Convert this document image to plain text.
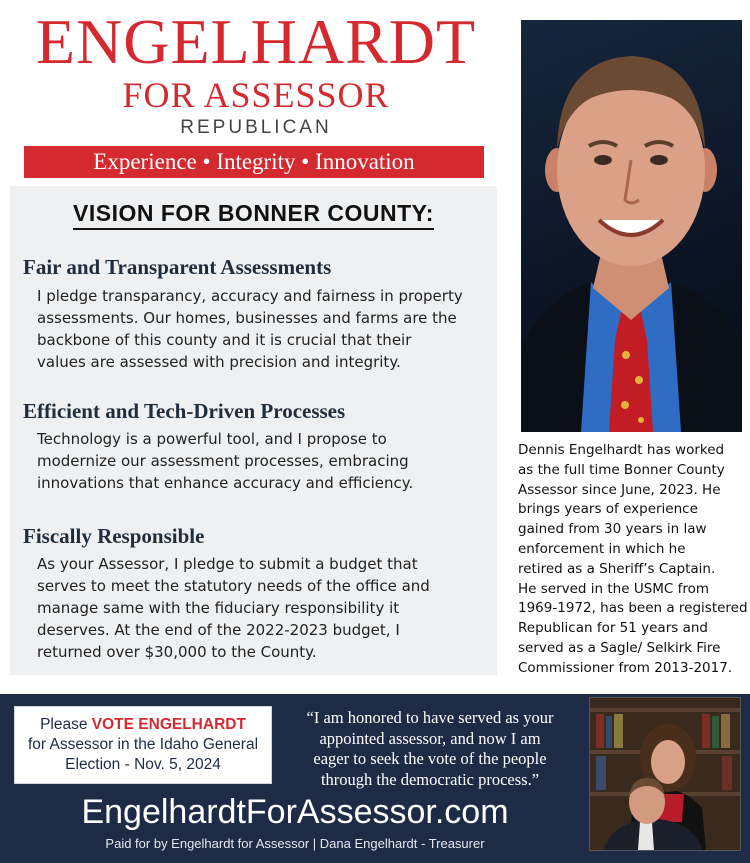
ENGELHARDT
FOR ASSESSOR
REPUBLICAN
Experience • Integrity • Innovation
VISION FOR BONNER COUNTY:
Fair and Transparent Assessments
I pledge transparancy, accuracy and fairness in property
assessments. Our homes, businesses and farms are the
backbone of this county and it is crucial that their
values are assessed with precision and integrity.
Efficient and Tech-Driven Processes
Technology is a powerful tool, and I propose to
modernize our assessment processes, embracing
innovations that enhance accuracy and efficiency.
Fiscally Responsible
As your Assessor, I pledge to submit a budget that
serves to meet the statutory needs of the office and
manage same with the fiduciary responsibility it
deserves. At the end of the 2022-2023 budget, I
returned over $30,000 to the County.
Dennis Engelhardt has worked
as the full time Bonner County
Assessor since June, 2023. He
brings years of experience
gained from 30 years in law
enforcement in which he
retired as a Sheriff’s Captain.
He served in the USMC from
1969-1972, has been a registered
Republican for 51 years and
served as a Sagle/ Selkirk Fire
Commissioner from 2013-2017.
Please VOTE ENGELHARDT
for Assessor in the Idaho General
Election - Nov. 5, 2024
“I am honored to have served as your
appointed assessor, and now I am
eager to seek the vote of the people
through the democratic process.”
EngelhardtForAssessor.com
Paid for by Engelhardt for Assessor | Dana Engelhardt - Treasurer
